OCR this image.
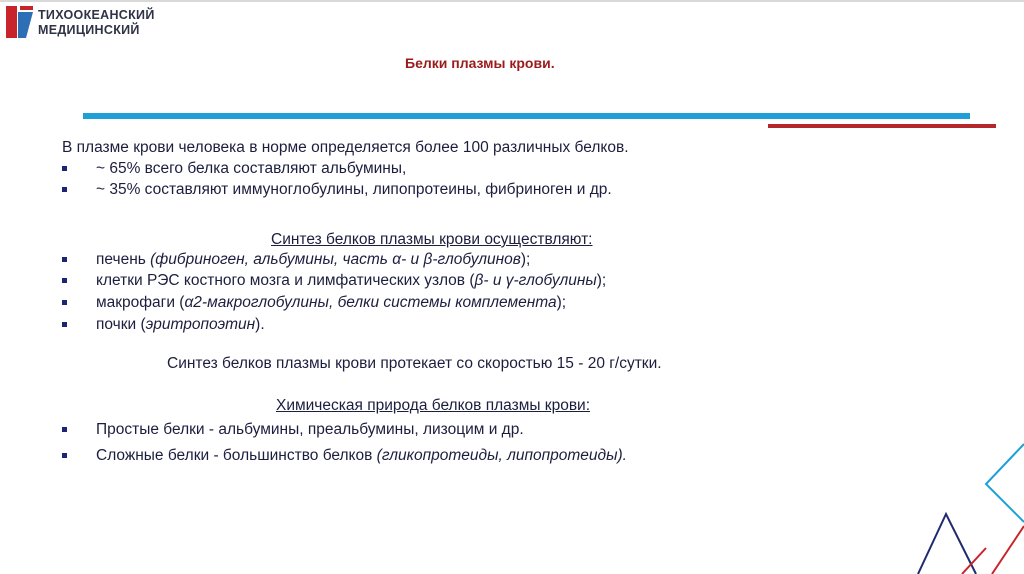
ТИХООКЕАНСКИЙ
МЕДИЦИНСКИЙ
Белки плазмы крови.
В плазме крови человека в норме определяется более 100 различных белков.
~ 65% всего белка составляют альбумины,
~ 35% составляют иммуноглобулины, липопротеины, фибриноген и др.
Синтез белков плазмы крови осуществляют:
печень (фибриноген, альбумины, часть α- и β-глобулинов);
клетки РЭС костного мозга и лимфатических узлов (β- и γ-глобулины);
макрофаги (α2-макроглобулины, белки системы комплемента);
почки (эритропоэтин).
Синтез белков плазмы крови протекает со скоростью 15 - 20 г/сутки.
Химическая природа белков плазмы крови:
Простые белки - альбумины, преальбумины, лизоцим и др.
Сложные белки - большинство белков (гликопротеиды, липопротеиды).
